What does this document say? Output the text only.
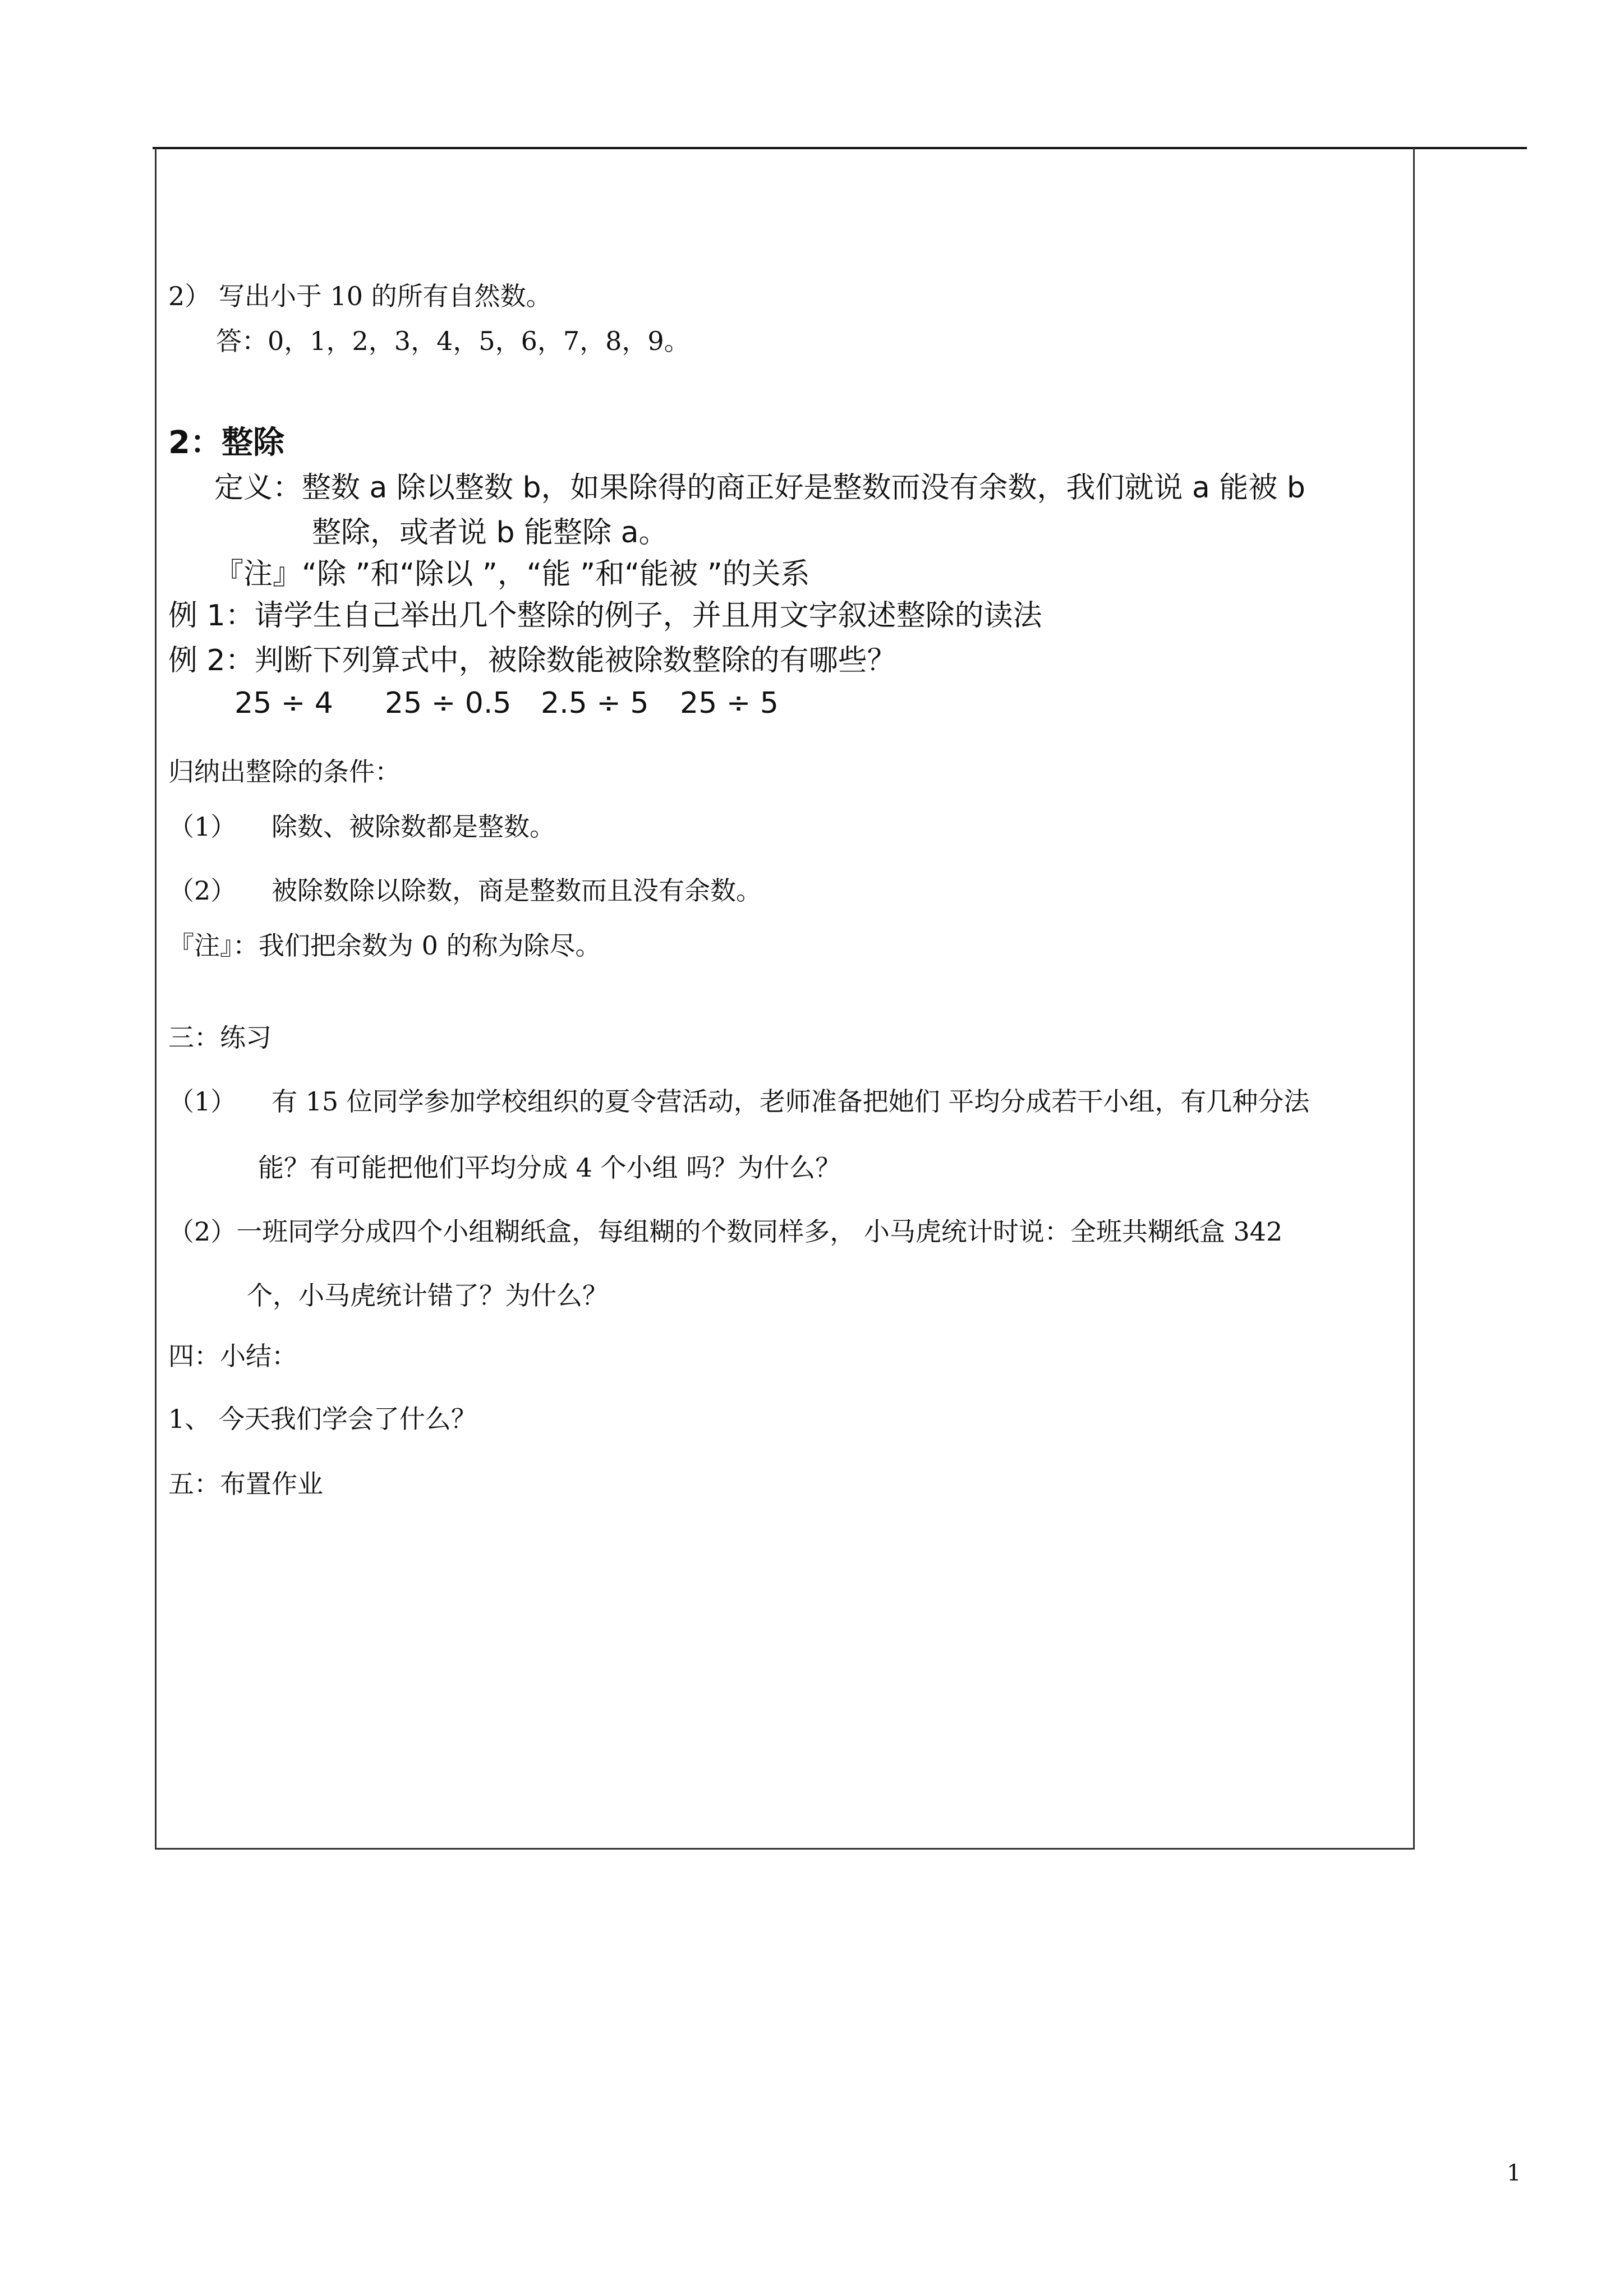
2） 写出小于 10 的所有自然数。
答：0，1，2，3，4，5，6，7，8，9。
2：整除
定义：整数 a 除以整数 b，如果除得的商正好是整数而没有余数，我们就说 a 能被 b
整除，或者说 b 能整除 a。
『注』“除 ”和“除以 ”，“能 ”和“能被 ”的关系
例 1：请学生自己举出几个整除的例子，并且用文字叙述整除的读法
例 2：判断下列算式中，被除数能被除数整除的有哪些？
25 ÷ 4 25 ÷ 0.5 2.5 ÷ 5 25 ÷ 5
归纳出整除的条件：
（1） 除数、被除数都是整数。
（2） 被除数除以除数，商是整数而且没有余数。
『注』：我们把余数为 0 的称为除尽。
三：练习
（1） 有 15 位同学参加学校组织的夏令营活动，老师准备把她们 平均分成若干小组，有几种分法
能？有可能把他们平均分成 4 个小组 吗？为什么？
（2）一班同学分成四个小组糊纸盒，每组糊的个数同样多， 小马虎统计时说：全班共糊纸盒 342
个，小马虎统计错了？为什么？
四：小结：
1、 今天我们学会了什么？
五：布置作业
1
